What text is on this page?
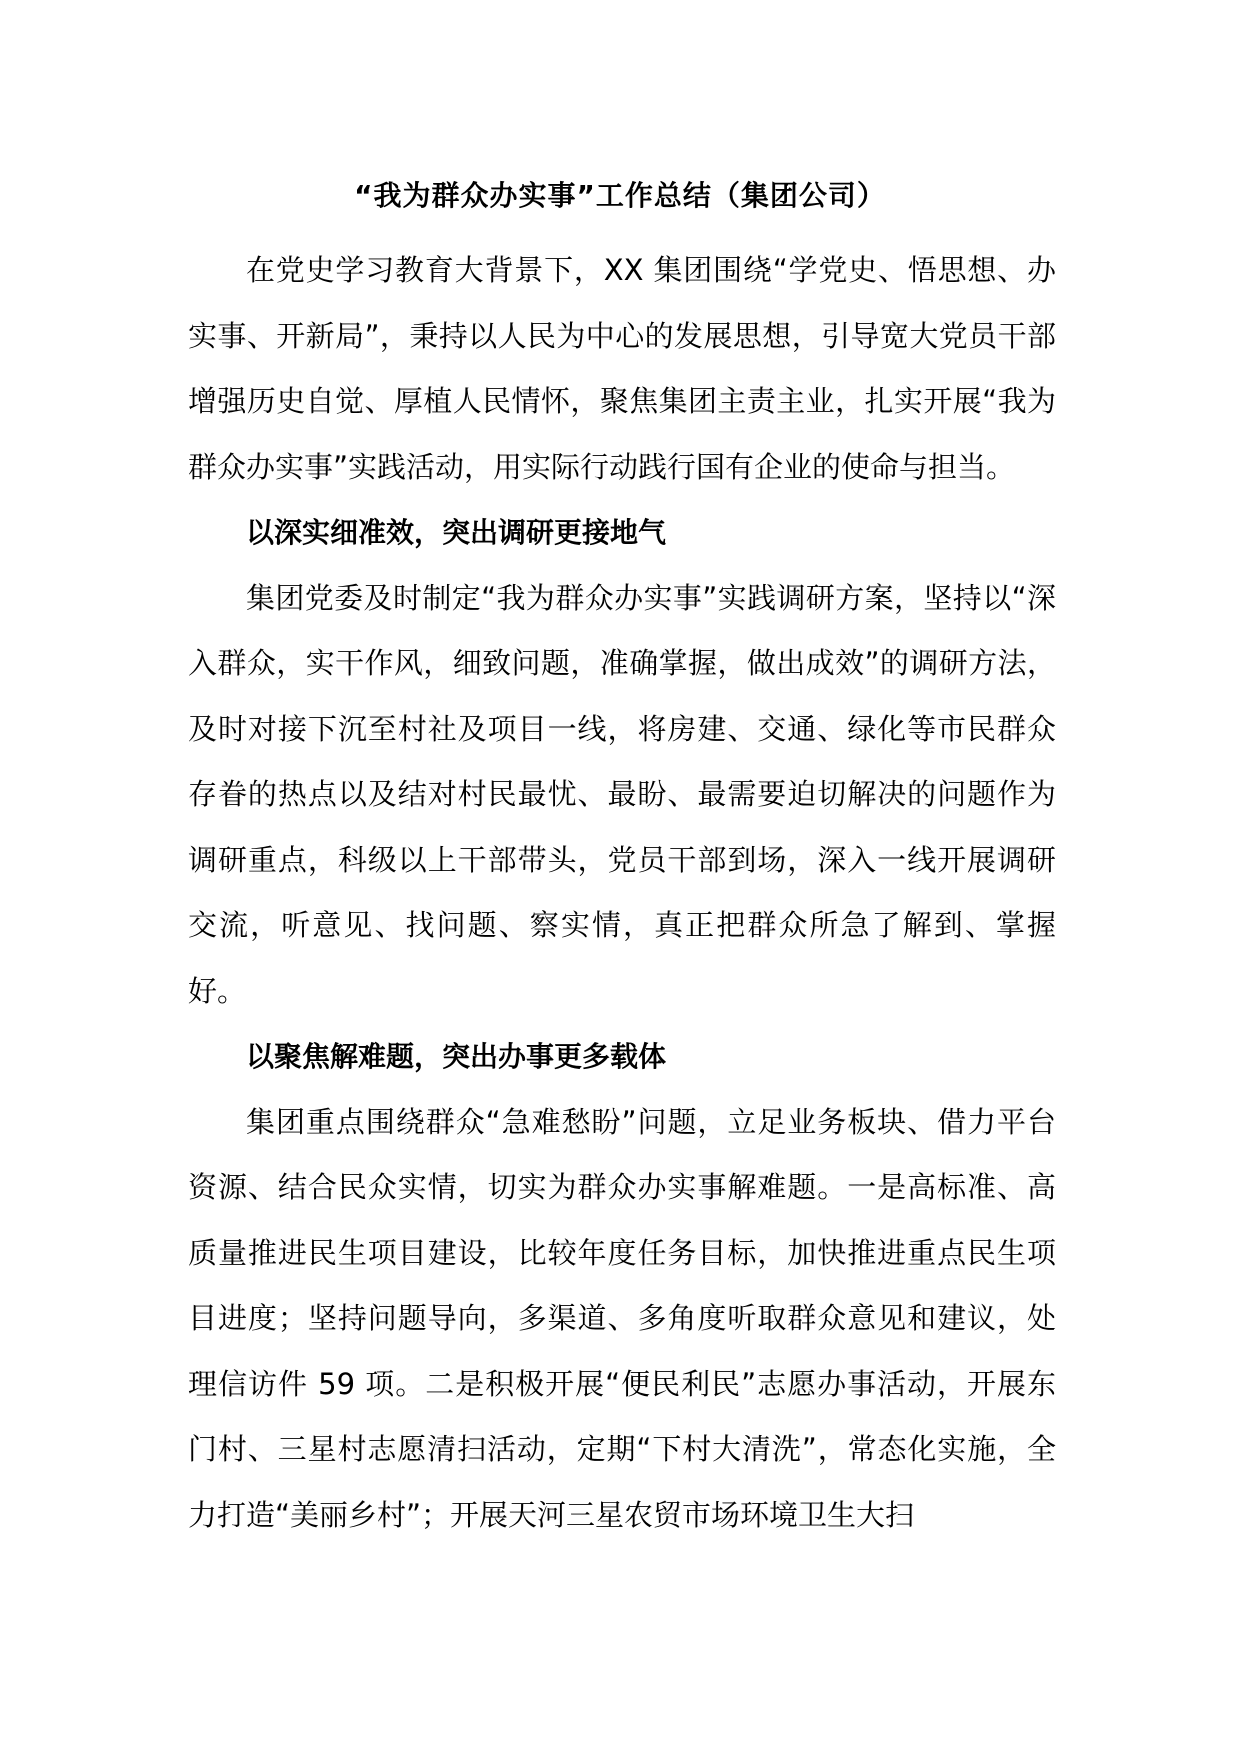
“我为群众办实事”工作总结（集团公司）

在党史学习教育大背景下，XX 集团围绕“学党史、悟思想、办实事、开新局”，秉持以人民为中心的发展思想，引导宽大党员干部增强历史自觉、厚植人民情怀，聚焦集团主责主业，扎实开展“我为群众办实事”实践活动，用实际行动践行国有企业的使命与担当。

以深实细准效，突出调研更接地气

集团党委及时制定“我为群众办实事”实践调研方案，坚持以“深入群众，实干作风，细致问题，准确掌握，做出成效”的调研方法，及时对接下沉至村社及项目一线，将房建、交通、绿化等市民群众存眷的热点以及结对村民最忧、最盼、最需要迫切解决的问题作为调研重点，科级以上干部带头，党员干部到场，深入一线开展调研交流，听意见、找问题、察实情，真正把群众所急了解到、掌握好。

以聚焦解难题，突出办事更多载体

集团重点围绕群众“急难愁盼”问题，立足业务板块、借力平台资源、结合民众实情，切实为群众办实事解难题。一是高标准、高质量推进民生项目建设，比较年度任务目标，加快推进重点民生项目进度；坚持问题导向，多渠道、多角度听取群众意见和建议，处理信访件 59 项。二是积极开展“便民利民”志愿办事活动，开展东门村、三星村志愿清扫活动，定期“下村大清洗”，常态化实施，全力打造“美丽乡村”；开展天河三星农贸市场环境卫生大扫
